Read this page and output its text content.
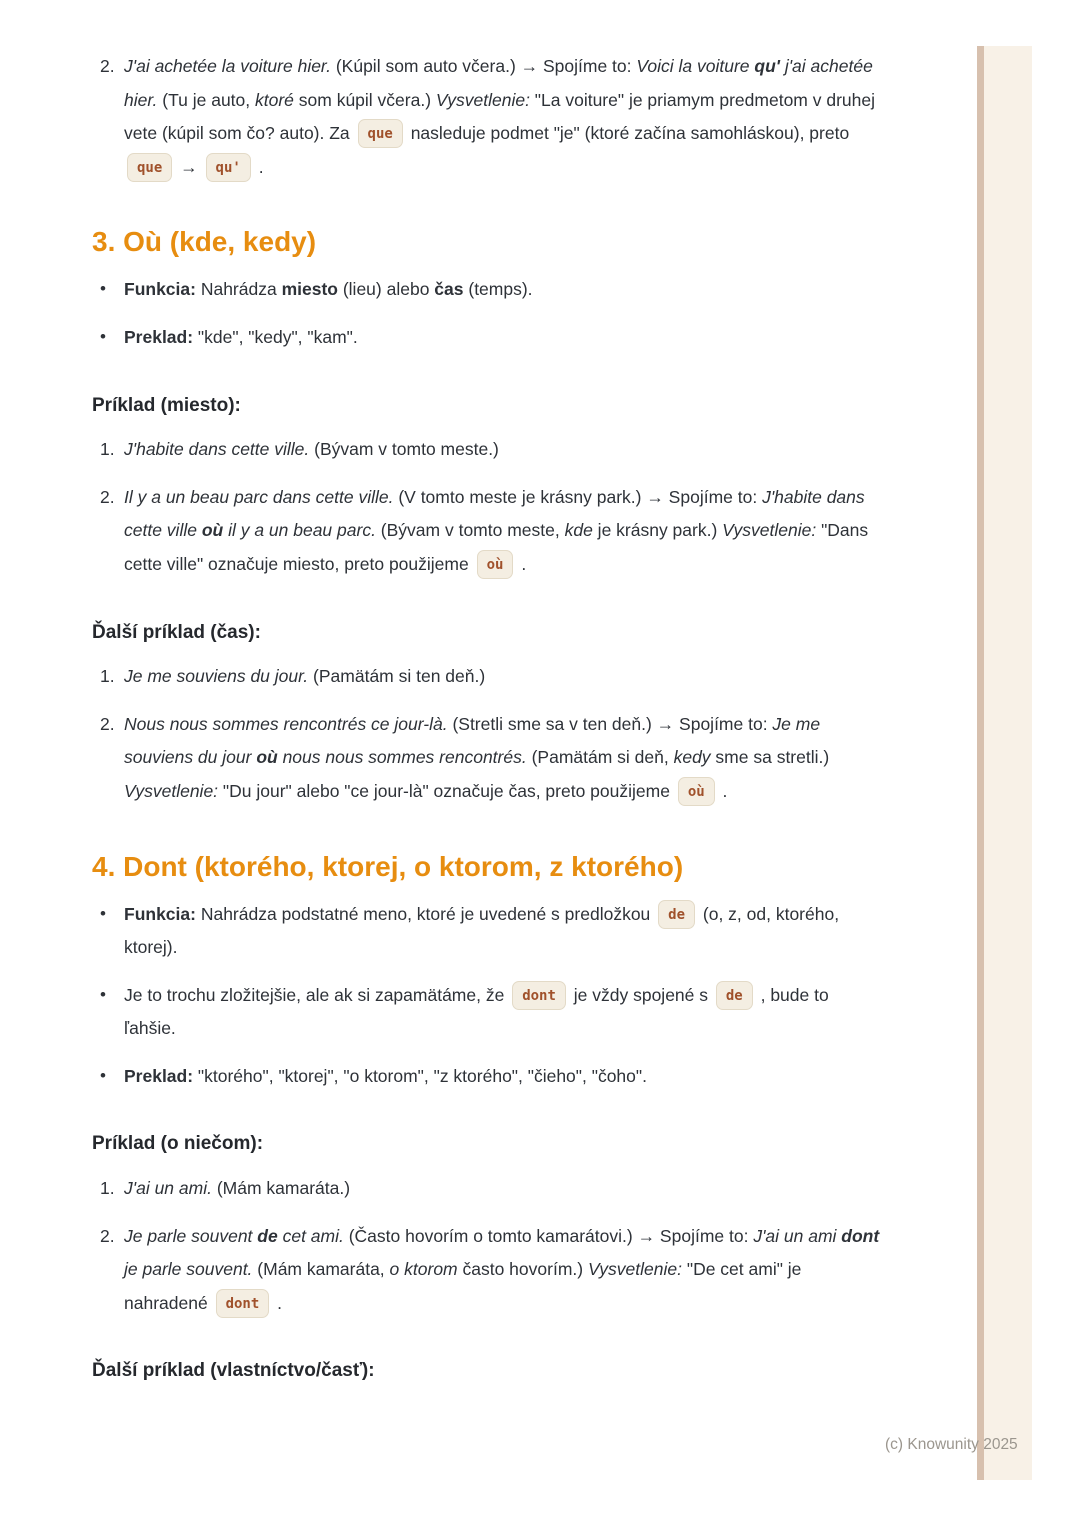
2. J'ai achetée la voiture hier. (Kúpil som auto včera.) → Spojíme to: Voici la voiture qu' j'ai achetée hier. (Tu je auto, ktoré som kúpil včera.) Vysvetlenie: "La voiture" je priamym predmetom v druhej vete (kúpil som čo? auto). Za que nasleduje podmet "je" (ktoré začína samohláskou), preto que → qu' .
3. Où (kde, kedy)
•	Funkcia: Nahrádza miesto (lieu) alebo čas (temps).
•	Preklad: "kde", "kedy", "kam".
Príklad (miesto):
1. J'habite dans cette ville. (Bývam v tomto meste.)
2. Il y a un beau parc dans cette ville. (V tomto meste je krásny park.) → Spojíme to: J'habite dans cette ville où il y a un beau parc. (Bývam v tomto meste, kde je krásny park.) Vysvetlenie: "Dans cette ville" označuje miesto, preto použijeme où .
Ďalší príklad (čas):
1. Je me souviens du jour. (Pamätám si ten deň.)
2. Nous nous sommes rencontrés ce jour-là. (Stretli sme sa v ten deň.) → Spojíme to: Je me souviens du jour où nous nous sommes rencontrés. (Pamätám si deň, kedy sme sa stretli.) Vysvetlenie: "Du jour" alebo "ce jour-là" označuje čas, preto použijeme où .
4. Dont (ktorého, ktorej, o ktorom, z ktorého)
•	Funkcia: Nahrádza podstatné meno, ktoré je uvedené s predložkou de (o, z, od, ktorého, ktorej).
•	Je to trochu zložitejšie, ale ak si zapamätáme, že dont je vždy spojené s de , bude to ľahšie.
•	Preklad: "ktorého", "ktorej", "o ktorom", "z ktorého", "čieho", "čoho".
Príklad (o niečom):
1. J'ai un ami. (Mám kamaráta.)
2. Je parle souvent de cet ami. (Často hovorím o tomto kamarátovi.) → Spojíme to: J'ai un ami dont je parle souvent. (Mám kamaráta, o ktorom často hovorím.) Vysvetlenie: "De cet ami" je nahradené dont .
Ďalší príklad (vlastníctvo/časť):
(c) Knowunity 2025
